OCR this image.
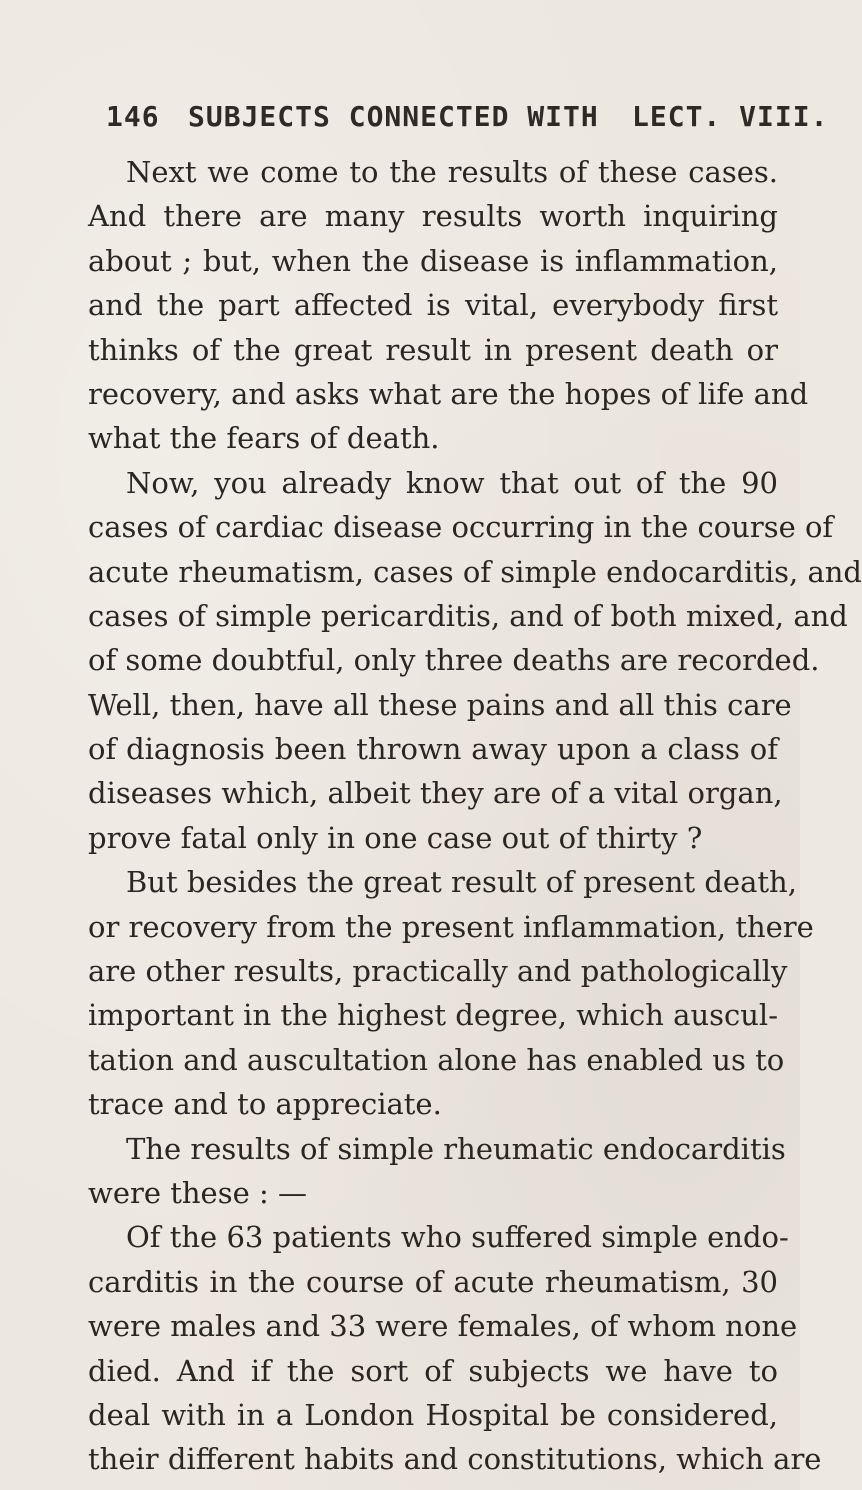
146 SUBJECTS CONNECTED WITH LECT. VIII.
Next we come to the results of these cases.
And there are many results worth inquiring
about ; but, when the disease is inflammation,
and the part affected is vital, everybody first
thinks of the great result in present death or
recovery, and asks what are the hopes of life and
what the fears of death.
Now, you already know that out of the 90
cases of cardiac disease occurring in the course of
acute rheumatism, cases of simple endocarditis, and
cases of simple pericarditis, and of both mixed, and
of some doubtful, only three deaths are recorded.
Well, then, have all these pains and all this care
of diagnosis been thrown away upon a class of
diseases which, albeit they are of a vital organ,
prove fatal only in one case out of thirty ?
But besides the great result of present death,
or recovery from the present inflammation, there
are other results, practically and pathologically
important in the highest degree, which auscul-
tation and auscultation alone has enabled us to
trace and to appreciate.
The results of simple rheumatic endocarditis
were these : —
Of the 63 patients who suffered simple endo-
carditis in the course of acute rheumatism, 30
were males and 33 were females, of whom none
died. And if the sort of subjects we have to
deal with in a London Hospital be considered,
their different habits and constitutions, which are
